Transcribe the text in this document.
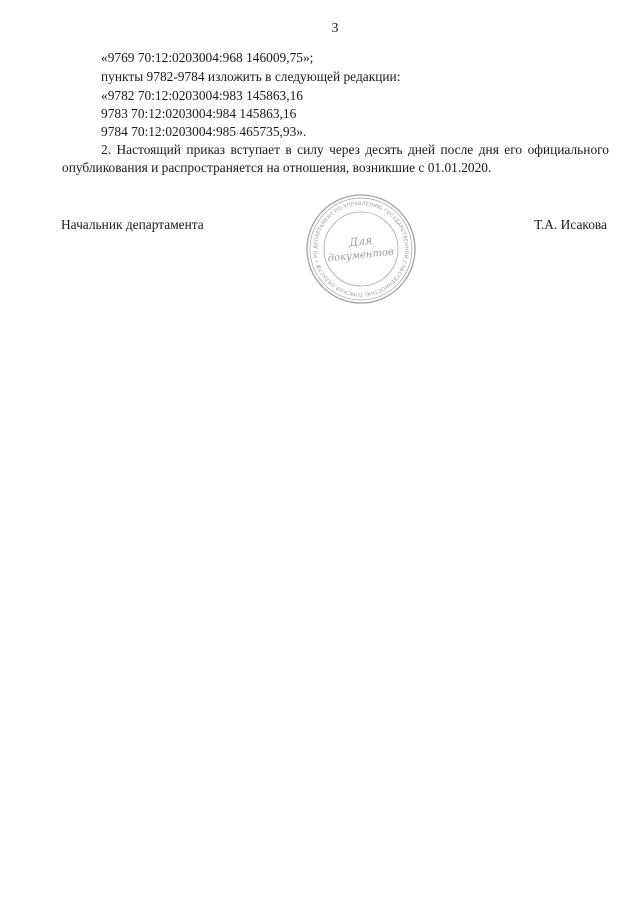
3
«9769 70:12:0203004:968 146009,75»;
пункты 9782-9784 изложить в следующей редакции:
«9782 70:12:0203004:983 145863,16
9783 70:12:0203004:984 145863,16
9784 70:12:0203004:985 465735,93».
2. Настоящий приказ вступает в силу через десять дней после дня его официального
опубликования и распространяется на отношения, возникшие с 01.01.2020.
Начальник департамента	Т.А. Исакова
ДЕПАРТАМЕНТ ПО УПРАВЛЕНИЮ ГОСУДАРСТВЕННОЙ СОБСТВЕННОСТЬЮ ТОМСКОЙ ОБЛАСТИ • РО
Для
документов
